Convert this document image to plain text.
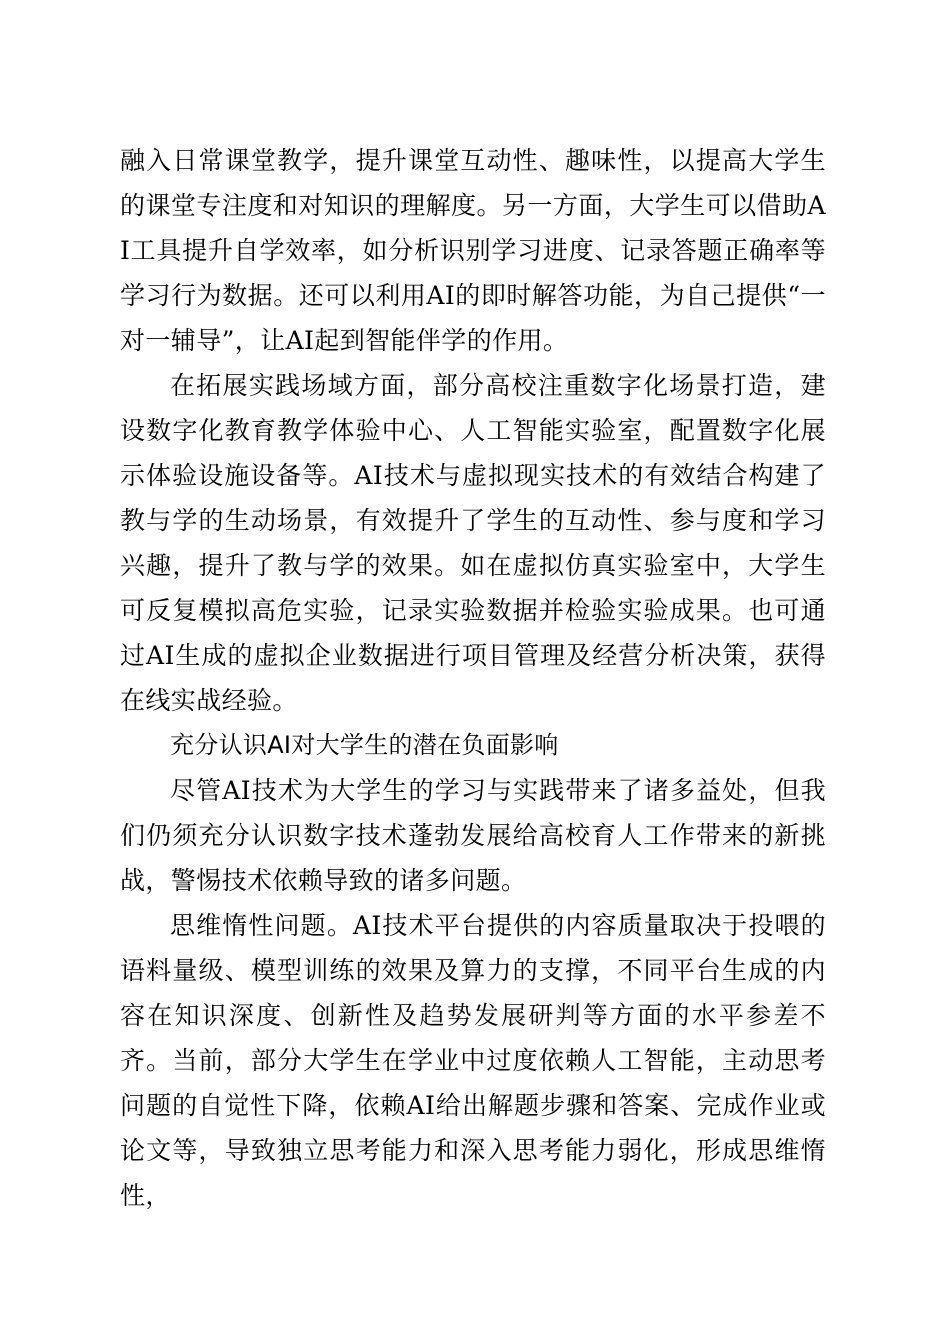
融入日常课堂教学，提升课堂互动性、趣味性，以提高大学生的课堂专注度和对知识的理解度。另一方面，大学生可以借助AI工具提升自学效率，如分析识别学习进度、记录答题正确率等学习行为数据。还可以利用AI的即时解答功能，为自己提供“一对一辅导”，让AI起到智能伴学的作用。

在拓展实践场域方面，部分高校注重数字化场景打造，建设数字化教育教学体验中心、人工智能实验室，配置数字化展示体验设施设备等。AI技术与虚拟现实技术的有效结合构建了教与学的生动场景，有效提升了学生的互动性、参与度和学习兴趣，提升了教与学的效果。如在虚拟仿真实验室中，大学生可反复模拟高危实验，记录实验数据并检验实验成果。也可通过AI生成的虚拟企业数据进行项目管理及经营分析决策，获得在线实战经验。

充分认识AI对大学生的潜在负面影响

尽管AI技术为大学生的学习与实践带来了诸多益处，但我们仍须充分认识数字技术蓬勃发展给高校育人工作带来的新挑战，警惕技术依赖导致的诸多问题。

思维惰性问题。AI技术平台提供的内容质量取决于投喂的语料量级、模型训练的效果及算力的支撑，不同平台生成的内容在知识深度、创新性及趋势发展研判等方面的水平参差不齐。当前，部分大学生在学业中过度依赖人工智能，主动思考问题的自觉性下降，依赖AI给出解题步骤和答案、完成作业或论文等，导致独立思考能力和深入思考能力弱化，形成思维惰性，
